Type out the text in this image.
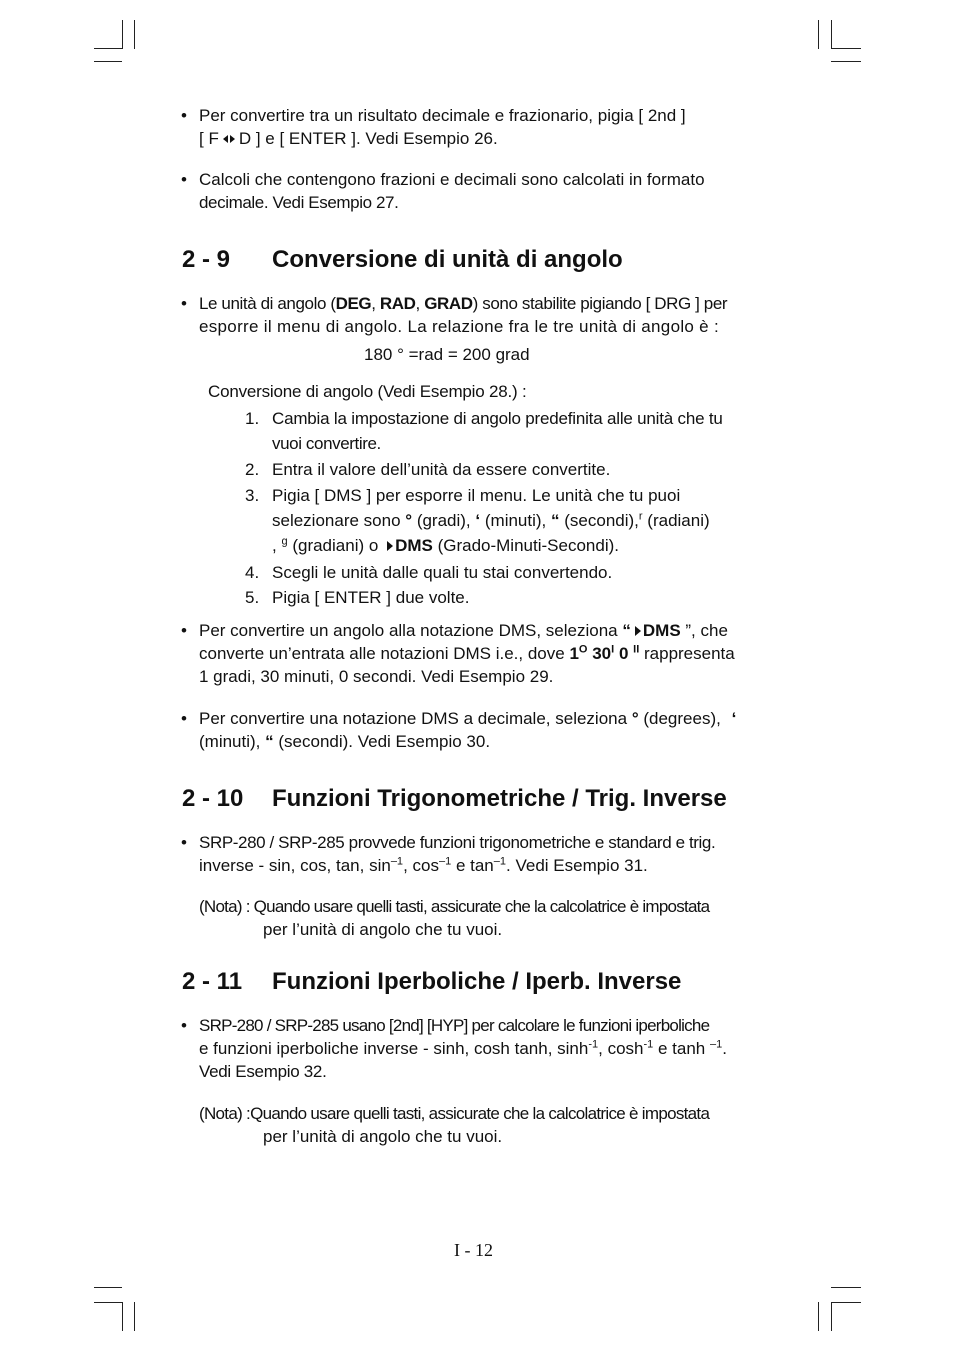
• Per convertire tra un risultato decimale e frazionario, pigia [ 2nd ]
[ F D ] e [ ENTER ]. Vedi Esempio 26.
• Calcoli che contengono frazioni e decimali sono calcolati in formato
decimale. Vedi Esempio 27.
2 - 9 Conversione di unità di angolo
• Le unità di angolo (DEG, RAD, GRAD) sono stabilite pigiando [ DRG ] per
esporre il menu di angolo. La relazione fra le tre unità di angolo è :
180 ° =rad = 200 grad
Conversione di angolo (Vedi Esempio 28.) :
1. Cambia la impostazione di angolo predefinita alle unità che tu
vuoi convertire.
2. Entra il valore dell’unità da essere convertite.
3. Pigia [ DMS ] per esporre il menu. Le unità che tu puoi
selezionare sono ° (gradi), ‘ (minuti), “ (secondi),$^r$ (radiani)
, $^g$ (gradiani) o DMS (Grado-Minuti-Secondi).
4. Scegli le unità dalle quali tu stai convertendo.
5. Pigia [ ENTER ] due volte.
• Per convertire un angolo alla notazione DMS, seleziona “ DMS ”, che
converte un’entrata alle notazioni DMS i.e., dove $1^O$ $30^I$ 0 $^{II}$ rappresenta
1 gradi, 30 minuti, 0 secondi. Vedi Esempio 29.
• Per convertire una notazione DMS a decimale, seleziona ° (degrees), ‘
(minuti), “ (secondi). Vedi Esempio 30.
2 - 10 Funzioni Trigonometriche / Trig. Inverse
• SRP-280 / SRP-285 provvede funzioni trigonometriche e standard e trig.
inverse - sin, cos, tan, $\sin^{-1}$, $\cos^{-1} e$ $\tan^{-1}$. Vedi Esempio 31.
(Nota) : Quando usare quelli tasti, assicurate che la calcolatrice è impostata
per l’unità di angolo che tu vuoi.
2 - 11 Funzioni Iperboliche / Iperb. Inverse
• SRP-280 / SRP-285 usano [2nd] [HYP] per calcolare le funzioni iperboliche
e funzioni iperboliche inverse - sinh, cosh tanh, $\sinh^{-1}$, $\cosh^{-1} e$ tanh $^{-1}$.
Vedi Esempio 32.
(Nota) :Quando usare quelli tasti, assicurate che la calcolatrice è impostata
per l’unità di angolo che tu vuoi.
I - 12
